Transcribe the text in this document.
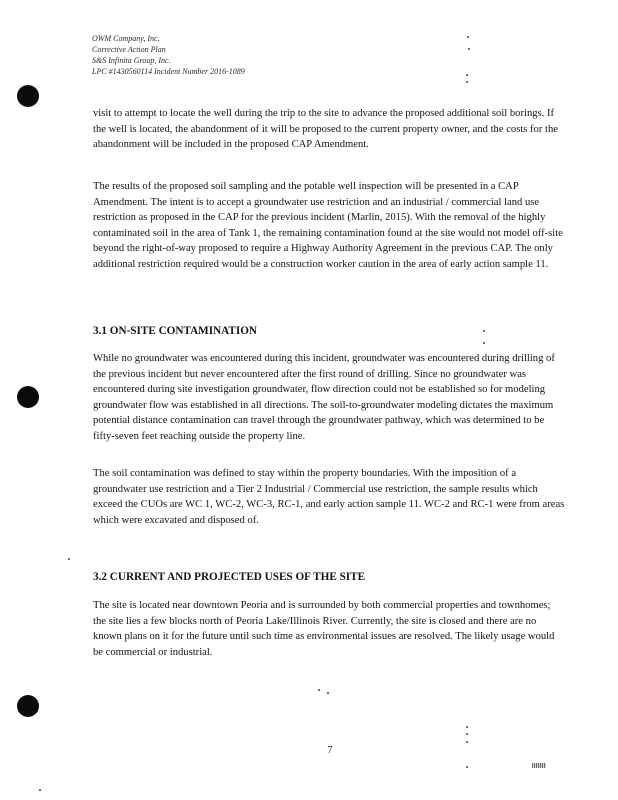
OWM Company, Inc.
Corrective Action Plan
S&S Infinita Group, Inc.
LPC #1430560114 Incident Number 2016-1089

visit to attempt to locate the well during the trip to the site to advance the proposed additional soil borings. If the well is located, the abandonment of it will be proposed to the current property owner, and the costs for the abandonment will be included in the proposed CAP Amendment.

The results of the proposed soil sampling and the potable well inspection will be presented in a CAP Amendment. The intent is to accept a groundwater use restriction and an industrial / commercial land use restriction as proposed in the CAP for the previous incident (Marlin, 2015). With the removal of the highly contaminated soil in the area of Tank 1, the remaining contamination found at the site would not model off-site beyond the right-of-way proposed to require a Highway Authority Agreement in the previous CAP. The only additional restriction required would be a construction worker caution in the area of early action sample 11.

3.1 ON-SITE CONTAMINATION

While no groundwater was encountered during this incident, groundwater was encountered during drilling of the previous incident but never encountered after the first round of drilling. Since no groundwater was encountered during site investigation groundwater, flow direction could not be established so for modeling groundwater flow was established in all directions. The soil-to-groundwater modeling dictates the maximum potential distance contamination can travel through the groundwater pathway, which was determined to be fifty-seven feet reaching outside the property line.

The soil contamination was defined to stay within the property boundaries. With the imposition of a groundwater use restriction and a Tier 2 Industrial / Commercial use restriction, the sample results which exceed the CUOs are WC 1, WC-2, WC-3, RC-1, and early action sample 11. WC-2 and RC-1 were from areas which were excavated and disposed of.

3.2 CURRENT AND PROJECTED USES OF THE SITE

The site is located near downtown Peoria and is surrounded by both commercial properties and townhomes; the site lies a few blocks north of Peoria Lake/Illinois River. Currently, the site is closed and there are no known plans on it for the future until such time as environmental issues are resolved. The likely usage would be commercial or industrial.

7
